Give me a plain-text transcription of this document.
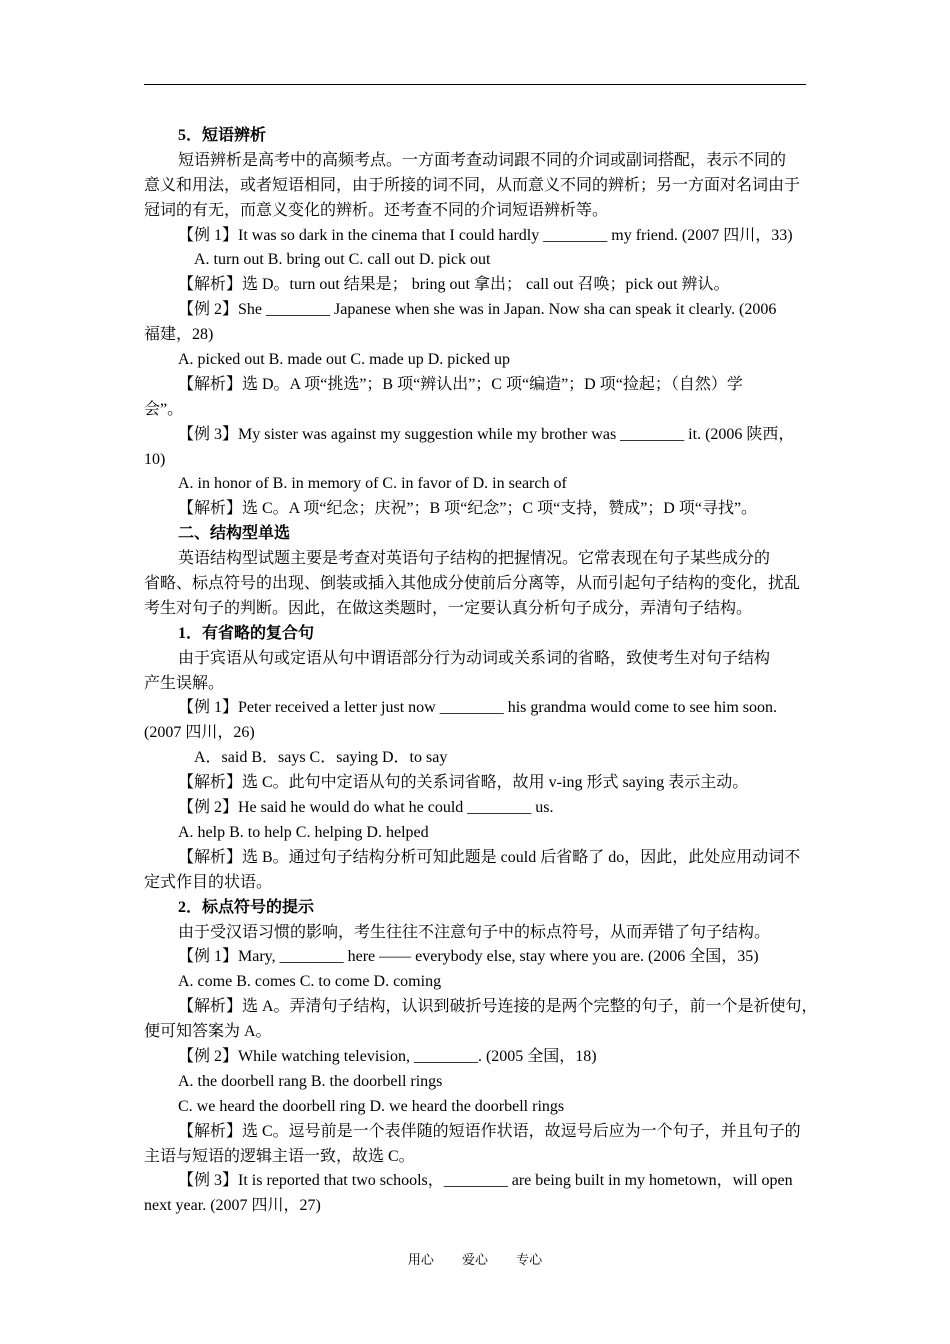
5．短语辨析
短语辨析是高考中的高频考点。一方面考查动词跟不同的介词或副词搭配，表示不同的
意义和用法，或者短语相同，由于所接的词不同，从而意义不同的辨析；另一方面对名词由于
冠词的有无，而意义变化的辨析。还考查不同的介词短语辨析等。
【例 1】It was so dark in the cinema that I could hardly ________ my friend. (2007 四川，33)
A. turn out B. bring out C. call out D. pick out
【解析】选 D。turn out 结果是； bring out 拿出； call out 召唤；pick out 辨认。
【例 2】She ________ Japanese when she was in Japan. Now sha can speak it clearly. (2006
福建，28)
A. picked out B. made out C. made up D. picked up
【解析】选 D。A 项“挑选”；B 项“辨认出”；C 项“编造”；D 项“捡起；（自然）学
会”。
【例 3】My sister was against my suggestion while my brother was ________ it. (2006 陕西，
10)
A. in honor of B. in memory of C. in favor of D. in search of
【解析】选 C。A 项“纪念；庆祝”；B 项“纪念”；C 项“支持，赞成”；D 项“寻找”。
二、结构型单选
英语结构型试题主要是考查对英语句子结构的把握情况。它常表现在句子某些成分的
省略、标点符号的出现、倒装或插入其他成分使前后分离等，从而引起句子结构的变化，扰乱
考生对句子的判断。因此，在做这类题时，一定要认真分析句子成分，弄清句子结构。
1．有省略的复合句
由于宾语从句或定语从句中谓语部分行为动词或关系词的省略，致使考生对句子结构
产生误解。
【例 1】Peter received a letter just now ________ his grandma would come to see him soon.
(2007 四川，26)
A．said B．says C．saying D．to say
【解析】选 C。此句中定语从句的关系词省略，故用 v-ing 形式 saying 表示主动。
【例 2】He said he would do what he could ________ us.
A. help B. to help C. helping D. helped
【解析】选 B。通过句子结构分析可知此题是 could 后省略了 do，因此，此处应用动词不
定式作目的状语。
2．标点符号的提示
由于受汉语习惯的影响，考生往往不注意句子中的标点符号，从而弄错了句子结构。
【例 1】Mary, ________ here —— everybody else, stay where you are. (2006 全国，35)
A. come B. comes C. to come D. coming
【解析】选 A。弄清句子结构，认识到破折号连接的是两个完整的句子，前一个是祈使句，
便可知答案为 A。
【例 2】While watching television, ________. (2005 全国，18)
A. the doorbell rang B. the doorbell rings
C. we heard the doorbell ring D. we heard the doorbell rings
【解析】选 C。逗号前是一个表伴随的短语作状语，故逗号后应为一个句子，并且句子的
主语与短语的逻辑主语一致，故选 C。
【例 3】It is reported that two schools，________ are being built in my hometown，will open
next year. (2007 四川，27)
用心 爱心 专心
